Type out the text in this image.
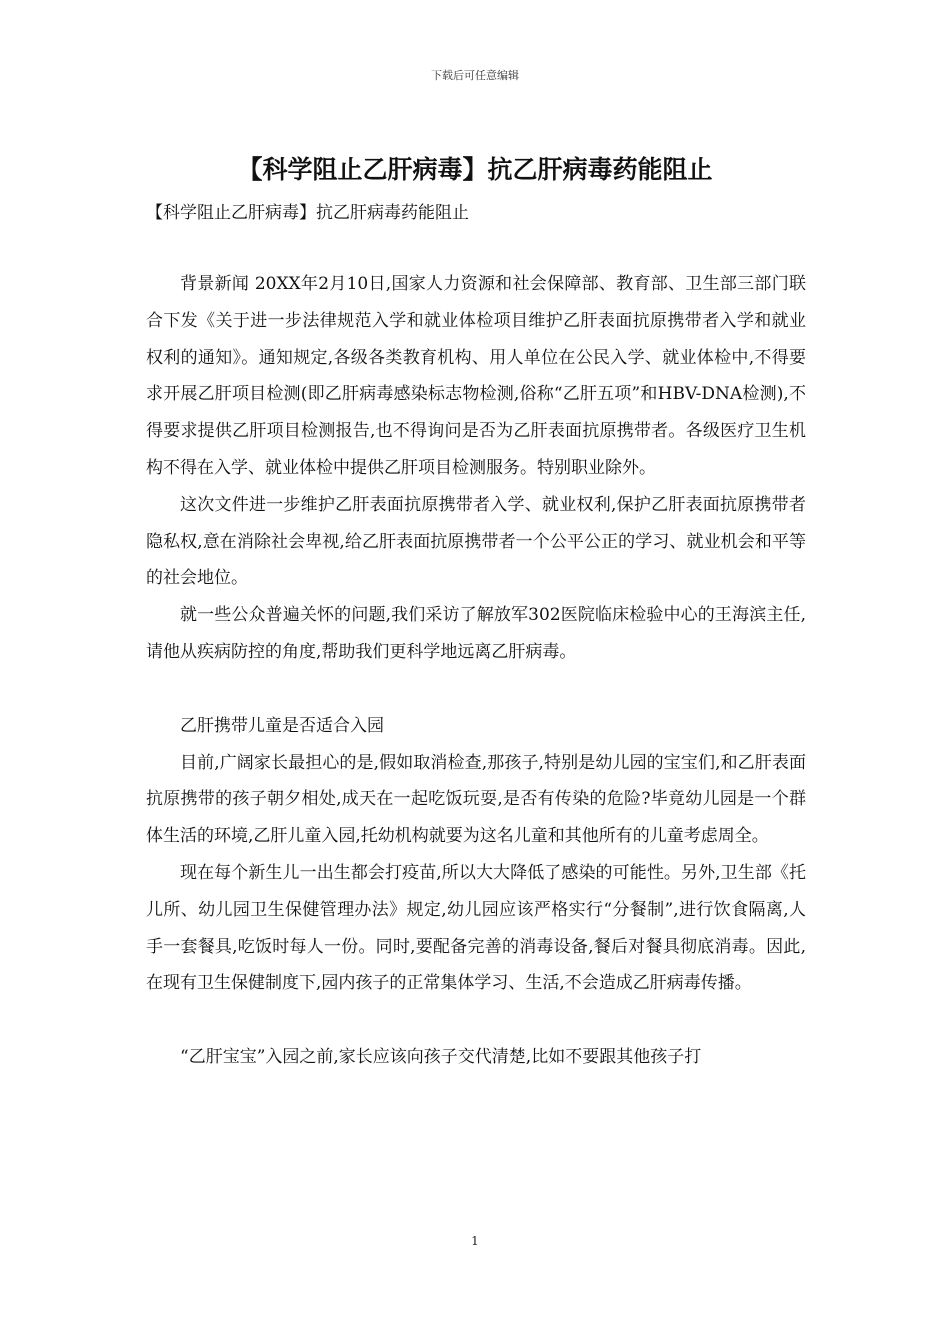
下载后可任意编辑
【科学阻止乙肝病毒】抗乙肝病毒药能阻止

【科学阻止乙肝病毒】抗乙肝病毒药能阻止

背景新闻 20XX年2月10日,国家人力资源和社会保障部、教育部、卫生部三部门联合下发《关于进一步法律规范入学和就业体检项目维护乙肝表面抗原携带者入学和就业权利的通知》。通知规定,各级各类教育机构、用人单位在公民入学、就业体检中,不得要求开展乙肝项目检测(即乙肝病毒感染标志物检测,俗称“乙肝五项”和HBV-DNA检测),不得要求提供乙肝项目检测报告,也不得询问是否为乙肝表面抗原携带者。各级医疗卫生机构不得在入学、就业体检中提供乙肝项目检测服务。特别职业除外。

这次文件进一步维护乙肝表面抗原携带者入学、就业权利,保护乙肝表面抗原携带者隐私权,意在消除社会卑视,给乙肝表面抗原携带者一个公平公正的学习、就业机会和平等的社会地位。

就一些公众普遍关怀的问题,我们采访了解放军302医院临床检验中心的王海滨主任,请他从疾病防控的角度,帮助我们更科学地远离乙肝病毒。

乙肝携带儿童是否适合入园

目前,广阔家长最担心的是,假如取消检查,那孩子,特别是幼儿园的宝宝们,和乙肝表面抗原携带的孩子朝夕相处,成天在一起吃饭玩耍,是否有传染的危险?毕竟幼儿园是一个群体生活的环境,乙肝儿童入园,托幼机构就要为这名儿童和其他所有的儿童考虑周全。

现在每个新生儿一出生都会打疫苗,所以大大降低了感染的可能性。另外,卫生部《托儿所、幼儿园卫生保健管理办法》规定,幼儿园应该严格实行“分餐制”,进行饮食隔离,人手一套餐具,吃饭时每人一份。同时,要配备完善的消毒设备,餐后对餐具彻底消毒。因此,在现有卫生保健制度下,园内孩子的正常集体学习、生活,不会造成乙肝病毒传播。

“乙肝宝宝”入园之前,家长应该向孩子交代清楚,比如不要跟其他孩子打

1
